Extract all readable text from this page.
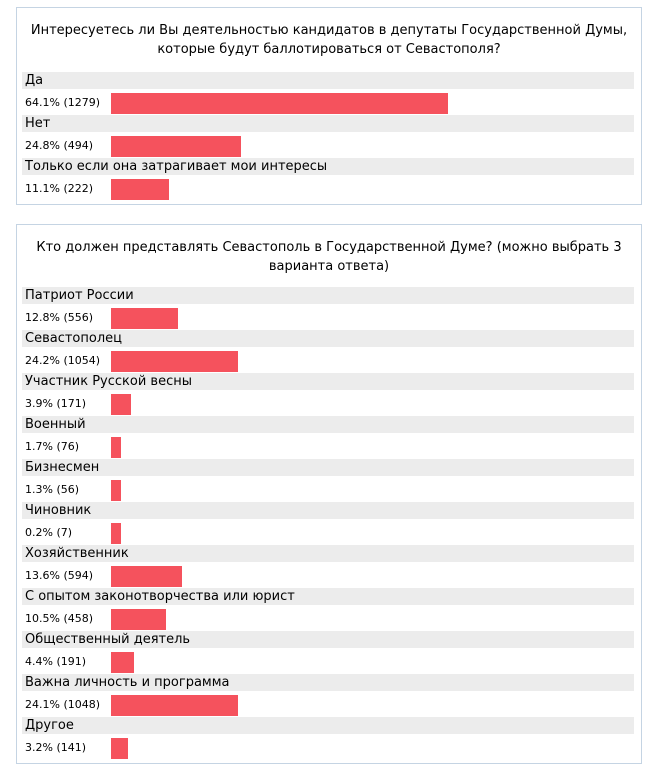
Интересуетесь ли Вы деятельностью кандидатов в депутаты Государственной Думы, которые будут баллотироваться от Севастополя?

Да
64.1% (1279)
Нет
24.8% (494)
Только если она затрагивает мои интересы
11.1% (222)

Кто должен представлять Севастополь в Государственной Думе? (можно выбрать 3 варианта ответа)

Патриот России
12.8% (556)
Севастополец
24.2% (1054)
Участник Русской весны
3.9% (171)
Военный
1.7% (76)
Бизнесмен
1.3% (56)
Чиновник
0.2% (7)
Хозяйственник
13.6% (594)
С опытом законотворчества или юрист
10.5% (458)
Общественный деятель
4.4% (191)
Важна личность и программа
24.1% (1048)
Другое
3.2% (141)
